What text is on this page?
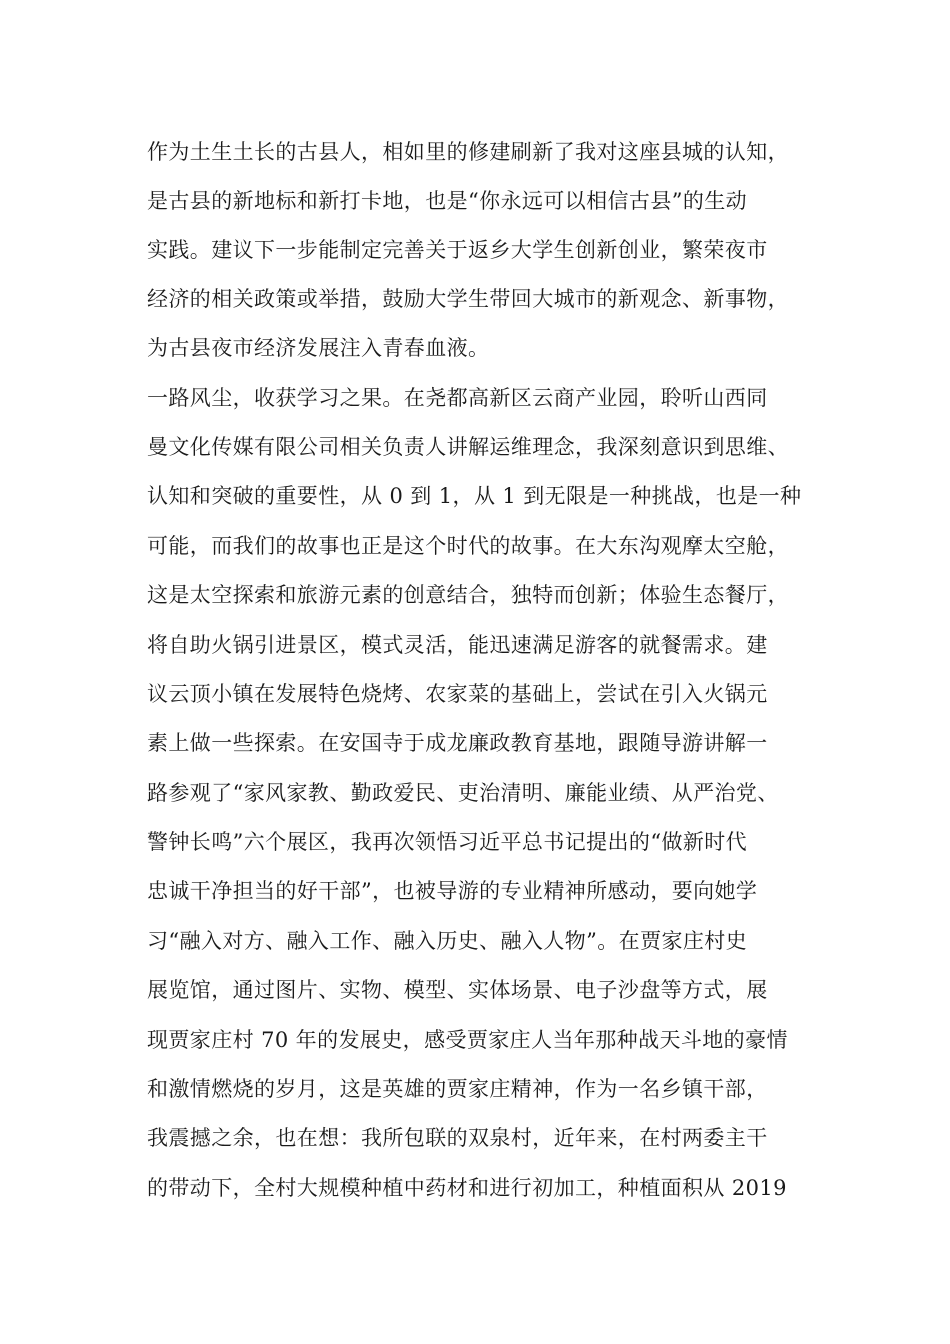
作为土生土长的古县人，相如里的修建刷新了我对这座县城的认知，
是古县的新地标和新打卡地，也是“你永远可以相信古县”的生动
实践。建议下一步能制定完善关于返乡大学生创新创业，繁荣夜市
经济的相关政策或举措，鼓励大学生带回大城市的新观念、新事物，
为古县夜市经济发展注入青春血液。
一路风尘，收获学习之果。在尧都高新区云商产业园，聆听山西同
曼文化传媒有限公司相关负责人讲解运维理念，我深刻意识到思维、
认知和突破的重要性，从 0 到 1，从 1 到无限是一种挑战，也是一种
可能，而我们的故事也正是这个时代的故事。在大东沟观摩太空舱，
这是太空探索和旅游元素的创意结合，独特而创新；体验生态餐厅，
将自助火锅引进景区，模式灵活，能迅速满足游客的就餐需求。建
议云顶小镇在发展特色烧烤、农家菜的基础上，尝试在引入火锅元
素上做一些探索。在安国寺于成龙廉政教育基地，跟随导游讲解一
路参观了“家风家教、勤政爱民、吏治清明、廉能业绩、从严治党、
警钟长鸣”六个展区，我再次领悟习近平总书记提出的“做新时代
忠诚干净担当的好干部”，也被导游的专业精神所感动，要向她学
习“融入对方、融入工作、融入历史、融入人物”。在贾家庄村史
展览馆，通过图片、实物、模型、实体场景、电子沙盘等方式，展
现贾家庄村 70 年的发展史，感受贾家庄人当年那种战天斗地的豪情
和激情燃烧的岁月，这是英雄的贾家庄精神，作为一名乡镇干部，
我震撼之余，也在想：我所包联的双泉村，近年来，在村两委主干
的带动下，全村大规模种植中药材和进行初加工，种植面积从 2019
